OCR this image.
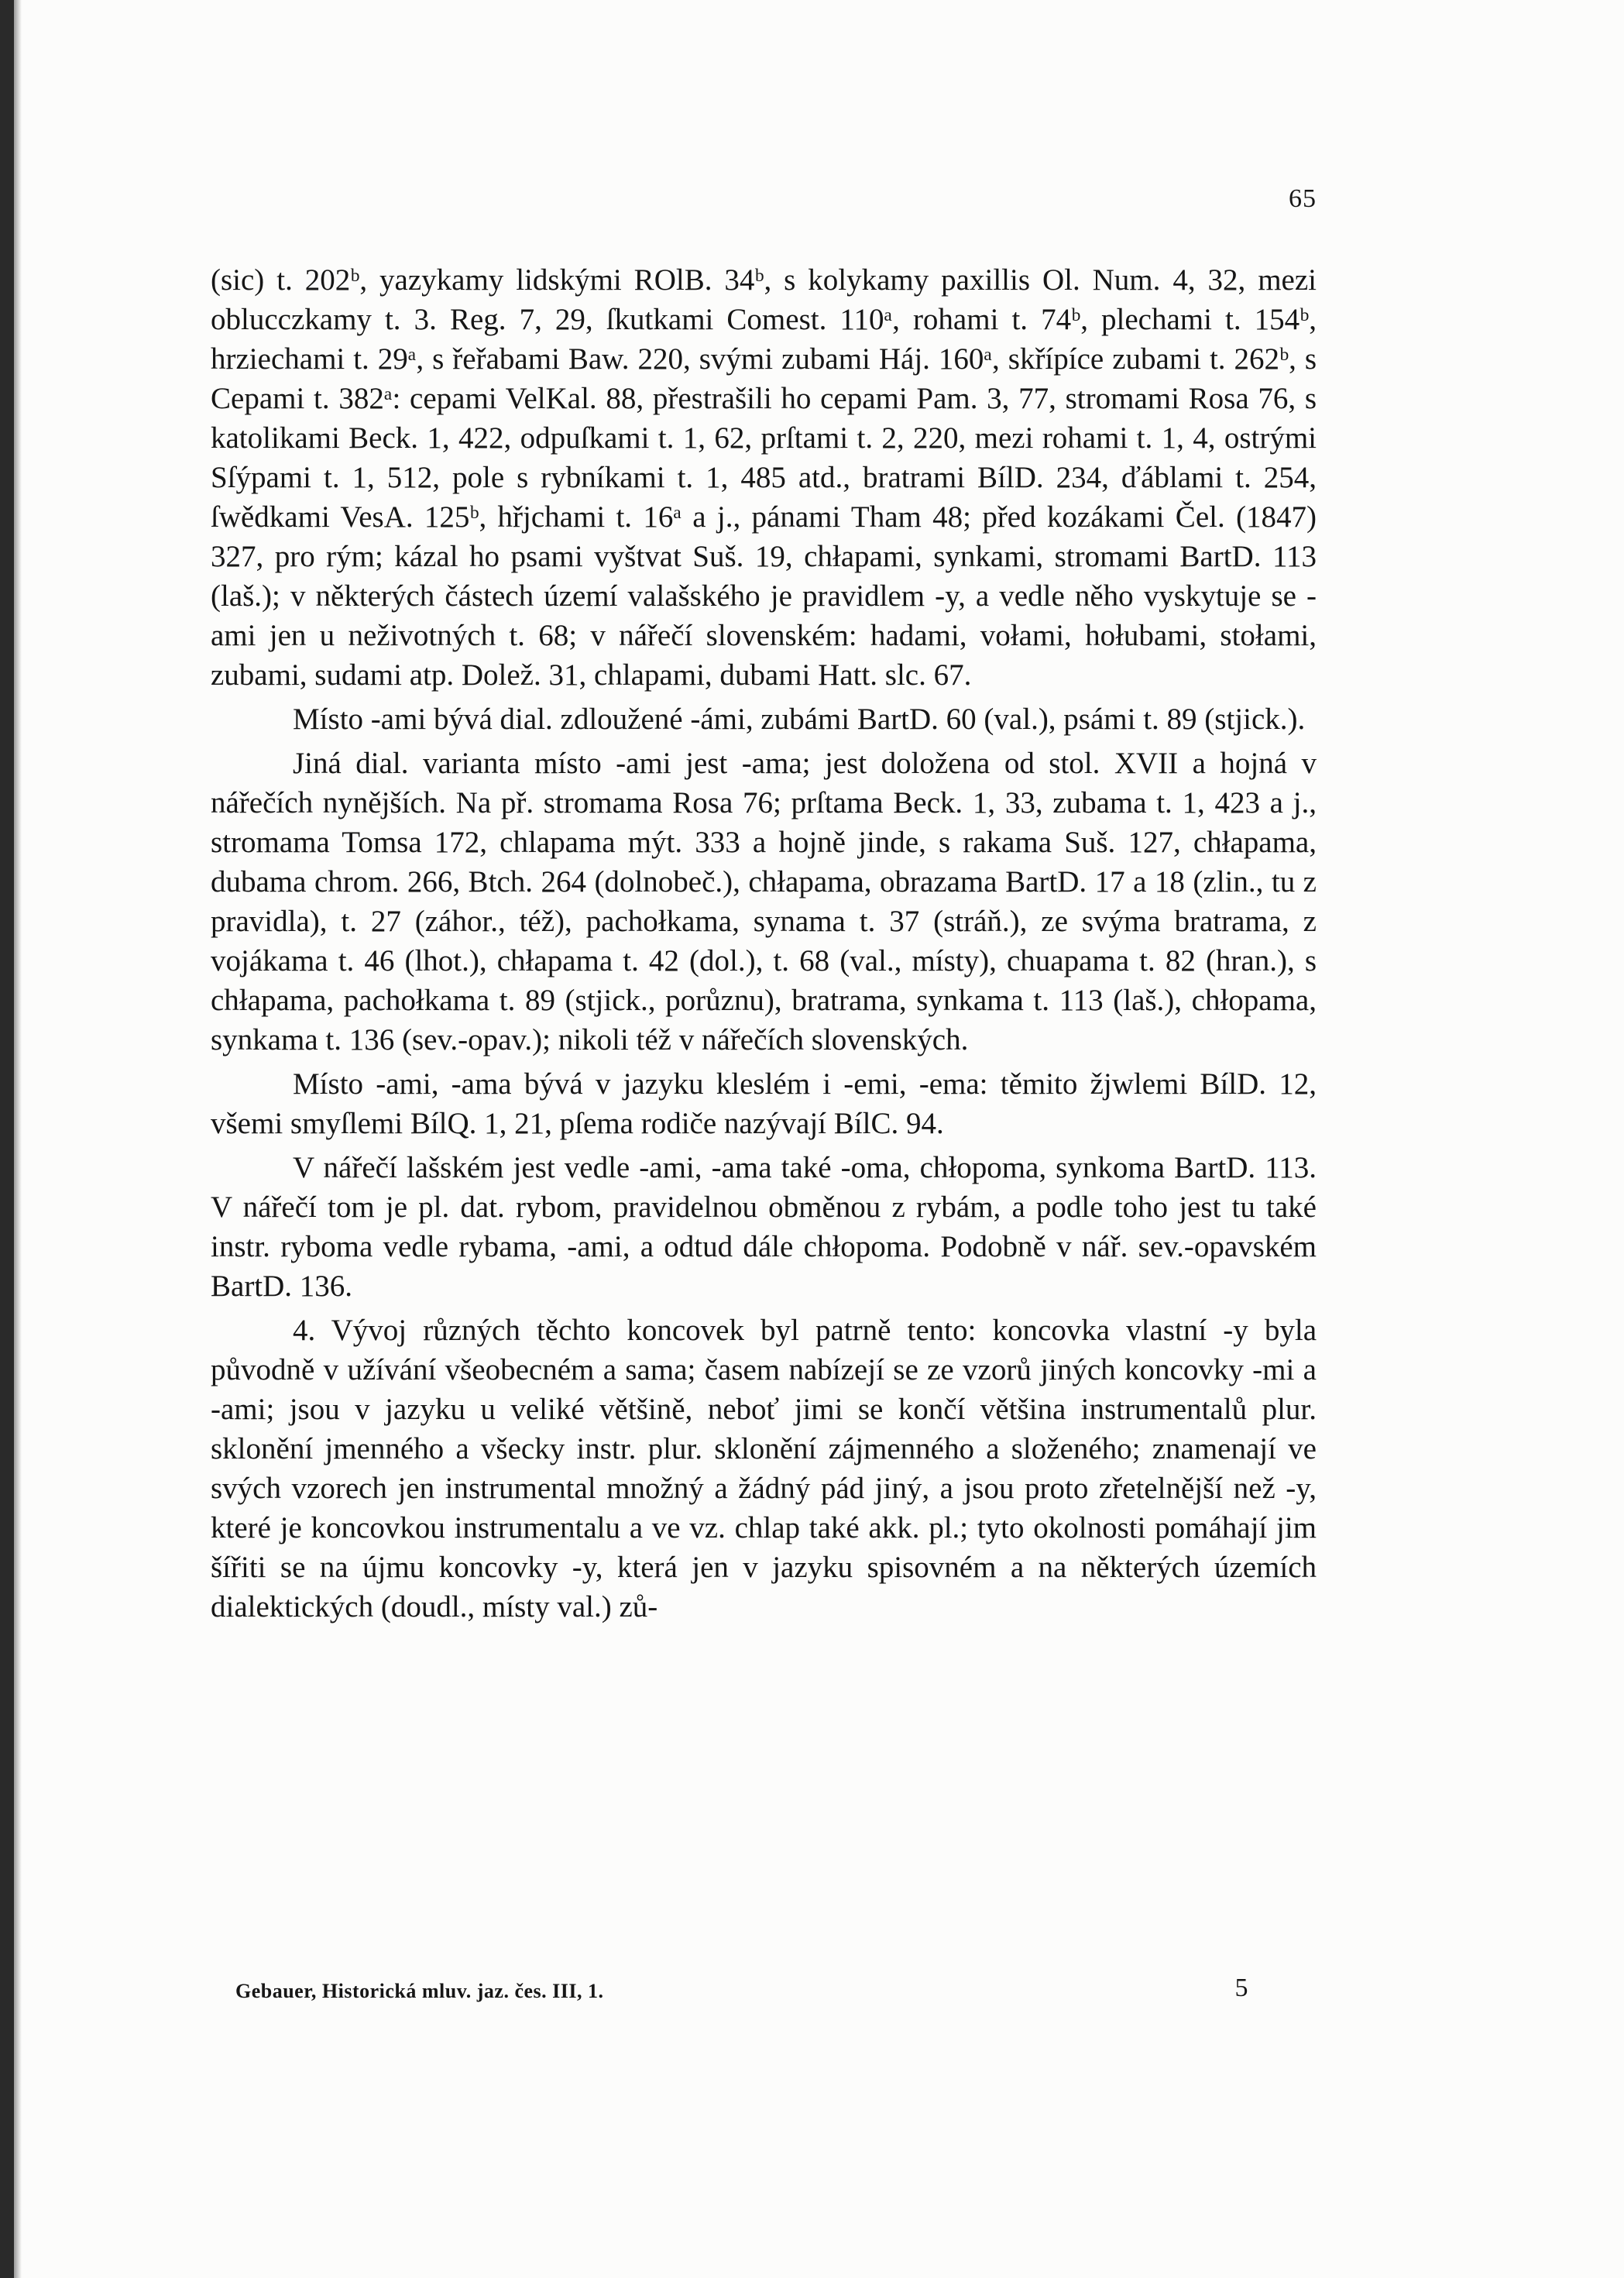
65

(sic) t. 202ᵇ, yazykamy lidskými ROlB. 34ᵇ, s kolykamy paxillis Ol. Num. 4, 32, mezi oblucczkamy t. 3. Reg. 7, 29, ſkutkami Comest. 110ᵃ, rohami t. 74ᵇ, plechami t. 154ᵇ, hrziechami t. 29ᵃ, s řeřabami Baw. 220, svými zubami Háj. 160ᵃ, skřípíce zubami t. 262ᵇ, s Cepami t. 382ᵃ: cepami VelKal. 88, přestrašili ho cepami Pam. 3, 77, stromami Rosa 76, s katolikami Beck. 1, 422, odpuſkami t. 1, 62, prſtami t. 2, 220, mezi rohami t. 1, 4, ostrými Sſýpami t. 1, 512, pole s rybníkami t. 1, 485 atd., bratrami BílD. 234, ďáblami t. 254, ſwědkami VesA. 125ᵇ, hřjchami t. 16ᵃ a j., pánami Tham 48; před kozákami Čel. (1847) 327, pro rým; kázal ho psami vyštvat Suš. 19, chłapami, synkami, stromami BartD. 113 (laš.); v některých částech území valašského je pravidlem -y, a vedle něho vyskytuje se -ami jen u neživotných t. 68; v nářečí slovenském: hadami, vołami, hołubami, stołami, zubami, sudami atp. Dolež. 31, chlapami, dubami Hatt. slc. 67.

Místo -ami bývá dial. zdloužené -ámi, zubámi BartD. 60 (val.), psámi t. 89 (stjick.).

Jiná dial. varianta místo -ami jest -ama; jest doložena od stol. XVII a hojná v nářečích nynějších. Na př. stromama Rosa 76; prſtama Beck. 1, 33, zubama t. 1, 423 a j., stromama Tomsa 172, chlapama mýt. 333 a hojně jinde, s rakama Suš. 127, chłapama, dubama chrom. 266, Btch. 264 (dolnobeč.), chłapama, obrazama BartD. 17 a 18 (zlin., tu z pravidla), t. 27 (záhor., též), pachołkama, synama t. 37 (stráň.), ze svýma bratrama, z vojákama t. 46 (lhot.), chłapama t. 42 (dol.), t. 68 (val., místy), chuapama t. 82 (hran.), s chłapama, pachołkama t. 89 (stjick., porůznu), bratrama, synkama t. 113 (laš.), chłopama, synkama t. 136 (sev.-opav.); nikoli též v nářečích slovenských.

Místo -ami, -ama bývá v jazyku kleslém i -emi, -ema: těmito žjwlemi BílD. 12, všemi smyſlemi BílQ. 1, 21, pſema rodiče nazývají BílC. 94.

V nářečí lašském jest vedle -ami, -ama také -oma, chłopoma, synkoma BartD. 113. V nářečí tom je pl. dat. rybom, pravidelnou obměnou z rybám, a podle toho jest tu také instr. ryboma vedle rybama, -ami, a odtud dále chłopoma. Podobně v nář. sev.-opavském BartD. 136.

4. Vývoj různých těchto koncovek byl patrně tento: koncovka vlastní -y byla původně v užívání všeobecném a sama; časem nabízejí se ze vzorů jiných koncovky -mi a -ami; jsou v jazyku u veliké většině, neboť jimi se končí většina instrumentalů plur. sklonění jmenného a všecky instr. plur. sklonění zájmenného a složeného; znamenají ve svých vzorech jen instrumental množný a žádný pád jiný, a jsou proto zřetelnější než -y, které je koncovkou instrumentalu a ve vz. chlap také akk. pl.; tyto okolnosti pomáhají jim šířiti se na újmu koncovky -y, která jen v jazyku spisovném a na některých územích dialektických (doudl., místy val.) zů-

Gebauer, Historická mluv. jaz. čes. III, 1.	5
